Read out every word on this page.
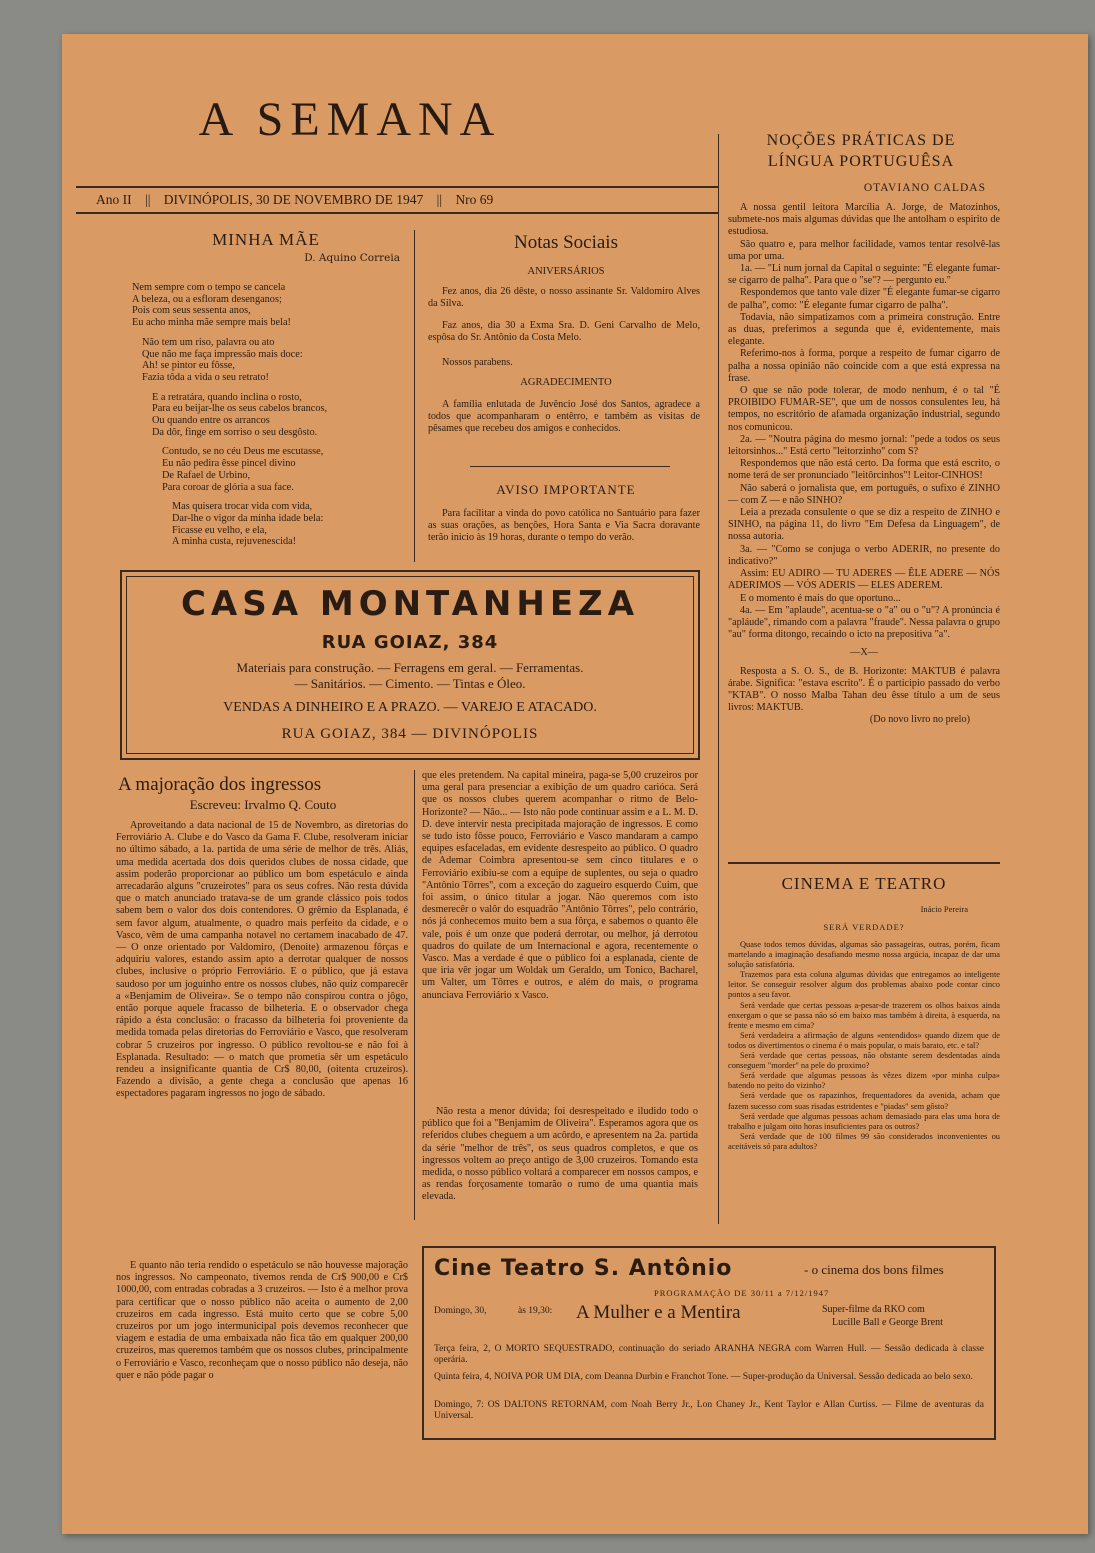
A SEMANA
Ano II || DIVINÓPOLIS, 30 DE NOVEMBRO DE 1947 || Nro 69
MINHA MÃE
D. Aquino Correia

Nem sempre com o tempo se cancela

A beleza, ou a esfloram desenganos;

Pois com seus sessenta anos,

Eu acho minha mãe sempre mais bela!

Não tem um riso, palavra ou ato

Que não me faça impressão mais doce:

Ah! se pintor eu fôsse,

Fazia tôda a vida o seu retrato!

E a retratára, quando inclina o rosto,

Para eu beijar-lhe os seus cabelos brancos,

Ou quando entre os arrancos

Da dôr, finge em sorriso o seu desgôsto.

Contudo, se no céu Deus me escutasse,

Eu não pedira êsse pincel divino

De Rafael de Urbino,

Para coroar de glória a sua face.

Mas quisera trocar vida com vida,

Dar-lhe o vigor da minha idade bela:

Ficasse eu velho, e ela,

A minha custa, rejuvenescida!

Notas Sociais
ANIVERSÁRIOS
Fez anos, dia 26 dêste, o nosso assinante Sr. Valdomiro Alves da Silva.
Faz anos, dia 30 a Exma Sra. D. Geni Carvalho de Melo, espôsa do Sr. Antônio da Costa Melo.
Nossos parabens.
AGRADECIMENTO
A família enlutada de Juvêncio José dos Santos, agradece a todos que acompanharam o entêrro, e também as visitas de pêsames que recebeu dos amigos e conhecidos.
AVISO IMPORTANTE
Para facilitar a vinda do povo católica no Santuário para fazer as suas orações, as benções, Hora Santa e Via Sacra doravante terão inicio às 19 horas, durante o tempo do verão.
CASA MONTANHEZA
RUA GOIAZ, 384
Materiais para construção. — Ferragens em geral. — Ferramentas.
— Sanitários. — Cimento. — Tintas e Óleo.
VENDAS A DINHEIRO E A PRAZO. — VAREJO E ATACADO.
RUA GOIAZ, 384 — DIVINÓPOLIS
A majoração dos ingressos
Escreveu: Irvalmo Q. Couto
Aproveitando a data nacional de 15 de Novembro, as diretorias do Ferroviário A. Clube e do Vasco da Gama F. Clube, resolveram iniciar no último sábado, a 1a. partida de uma série de melhor de três. Aliás, uma medida acertada dos dois queridos clubes de nossa cidade, que assim poderão proporcionar ao público um bom espetáculo e ainda arrecadarão alguns "cruzeirotes" para os seus cofres. Não resta dúvida que o match anunciado tratava-se de um grande clássico pois todos sabem bem o valor dos dois contendores. O grêmio da Esplanada, é sem favor algum, atualmente, o quadro mais perfeito da cidade, e o Vasco, vêm de uma campanha notavel no certamem inacabado de 47. — O onze orientado por Valdomiro, (Denoite) armazenou fôrças e adquiriu valores, estando assim apto a derrotar qualquer de nossos clubes, inclusive o próprio Ferroviário. E o público, que já estava saudoso por um joguinho entre os nossos clubes, não quiz comparecêr a «Benjamim de Oliveira». Se o tempo não conspirou contra o jôgo, então porque aquele fracasso de bilheteria. E o observador chega rápido a ésta conclusão: o fracasso da bilheteria foi proveniente da medida tomada pelas diretorias do Ferroviário e Vasco, que resolveram cobrar 5 cruzeiros por ingresso. O público revoltou-se e não foi à Esplanada. Resultado: — o match que prometia sêr um espetáculo rendeu a insignificante quantia de Cr$ 80,00, (oitenta cruzeiros). Fazendo a divisão, a gente chega a conclusão que apenas 16 espectadores pagaram ingressos no jogo de sábado.
E quanto não teria rendido o espetáculo se não houvesse majoração nos ingressos. No campeonato, tivemos renda de Cr$ 900,00 e Cr$ 1000,00, com entradas cobradas a 3 cruzeiros. — Isto é a melhor prova para certificar que o nosso público não aceita o aumento de 2,00 cruzeiros em cada ingresso. Está muito certo que se cobre 5,00 cruzeiros por um jogo intermunicipal pois devemos reconhecer que viagem e estadia de uma embaixada não fica tão em qualquer 200,00 cruzeiros, mas queremos também que os nossos clubes, principalmente o Ferroviário e Vasco, reconheçam que o nosso público não deseja, não quer e não póde pagar o
que eles pretendem. Na capital mineira, paga-se 5,00 cruzeiros por uma geral para presenciar a exibição de um quadro carióca. Será que os nossos clubes querem acompanhar o ritmo de Belo-Horizonte? — Não... — Isto não pode continuar assim e a L. M. D. D. deve intervir nesta precipitada majoração de ingressos. E como se tudo isto fôsse pouco, Ferroviário e Vasco mandaram a campo equipes esfaceladas, em evidente desrespeito ao público. O quadro de Ademar Coimbra apresentou-se sem cinco titulares e o Ferroviário exibiu-se com a equipe de suplentes, ou seja o quadro "Antônio Tôrres", com a exceção do zagueiro esquerdo Cuim, que foi assim, o único titular a jogar. Não queremos com isto desmerecêr o valôr do esquadrão "Antônio Tôrres", pelo contrário, nós já conhecemos muito bem a sua fôrça, e sabemos o quanto êle vale, pois é um onze que poderá derrotar, ou melhor, já derrotou quadros do quilate de um Internacional e agora, recentemente o Vasco. Mas a verdade é que o público foi a esplanada, ciente de que iria vêr jogar um Woldak um Geraldo, um Tonico, Bacharel, um Valter, um Tôrres e outros, e além do mais, o programa anunciava Ferroviário x Vasco.
Não resta a menor dúvida; foi desrespeitado e iludido todo o público que foi a "Benjamim de Oliveira". Esperamos agora que os referidos clubes cheguem a um acôrdo, e apresentem na 2a. partida da série "melhor de três", os seus quadros completos, e que os ingressos voltem ao preço antigo de 3,00 cruzeiros. Tomando esta medida, o nosso público voltará a comparecer em nossos campos, e as rendas forçosamente tomarão o rumo de uma quantia mais elevada.
NOÇÕES PRÁTICAS DE
LÍNGUA PORTUGUÊSA
OTAVIANO CALDAS

A nossa gentil leitora Marcília A. Jorge, de Matozinhos, submete-nos mais algumas dúvidas que lhe antolham o espirito de estudiosa.

São quatro e, para melhor facilidade, vamos tentar resolvê-las uma por uma.

1a. — "Li num jornal da Capital o seguinte: "É elegante fumar-se cigarro de palha". Para que o "se"? — pergunto eu."

Respondemos que tanto vale dizer "É elegante fumar-se cigarro de palha", como: "É elegante fumar cigarro de palha".

Todavia, não simpatizamos com a primeira construção. Entre as duas, preferimos a segunda que é, evidentemente, mais elegante.

Referimo-nos à forma, porque a respeito de fumar cigarro de palha a nossa opinião não coincide com a que está expressa na frase.

O que se não pode tolerar, de modo nenhum, é o tal "É PROIBIDO FUMAR-SE", que um de nossos consulentes leu, há tempos, no escritório de afamada organização industrial, segundo nos comunicou.

2a. — "Noutra página do mesmo jornal: "pede a todos os seus leitorsinhos..." Está certo "leitorzinho" com S?

Respondemos que não está certo. Da forma que está escrito, o nome terá de ser pronunciado "leitôrcinhos"! Leitor-CINHOS!

Não saberá o jornalista que, em português, o sufixo é ZINHO — com Z — e não SINHO?

Leia a prezada consulente o que se diz a respeito de ZINHO e SINHO, na página 11, do livro "Em Defesa da Linguagem", de nossa autoria.

3a. — "Como se conjuga o verbo ADERIR, no presente do indicativo?"

Assim: EU ADIRO — TU ADERES — ÊLE ADERE — NÓS ADERIMOS — VÓS ADERIS — ELES ADEREM.

E o momento é mais do que oportuno...

4a. — Em "aplaude", acentua-se o "a" ou o "u"? A pronúncia é "apláude", rimando com a palavra "fraude". Nessa palavra o grupo "au" forma ditongo, recaindo o icto na prepositiva "a".

—X—

Resposta a S. O. S., de B. Horizonte: MAKTUB é palavra árabe. Significa: "estava escrito". É o participio passado do verbo "KTAB". O nosso Malba Tahan deu êsse título a um de seus livros: MAKTUB.

(Do novo livro no prelo)

CINEMA E TEATRO
Inácio Pereira
SERÁ VERDADE?

Quase todos temos dúvidas, algumas são passageiras, outras, porém, ficam martelando a imaginação desafiando mesmo nossa argúcia, incapaz de dar uma solução satisfatória.

Trazemos para esta coluna algumas dúvidas que entregamos ao inteligente leitor. Se conseguir resolver algum dos problemas abaixo pode contar cinco pontos a seu favor.

Será verdade que certas pessoas a-pesar-de trazerem os olhos baixos ainda enxergam o que se passa não só em baixo mas também à direita, à esquerda, na frente e mesmo em cima?

Será verdadeira a afirmação de alguns «entendidos» quando dizem que de todos os divertimentos o cinema é o mais popular, o mais barato, etc. e tal?

Será verdade que certas pessoas, não obstante serem desdentadas ainda conseguem "morder" na pele do proximo?

Será verdade que algumas pessoas às vêzes dizem «por minha culpa» batendo no peito do vizinho?

Será verdade que os rapazinhos, frequentadores da avenida, acham que fazem sucesso com suas risadas estridentes e "piadas" sem gôsto?

Será verdade que algumas pessoas acham demasiado para elas uma hora de trabalho e julgam oito horas insuficientes para os outros?

Será verdade que de 100 filmes 99 são considerados inconvenientes ou aceitáveis só para adultos?

Cine Teatro S. Antônio	- o cinema dos bons filmes
PROGRAMAÇÃO DE 30/11 a 7/12/1947
Domingo, 30,	às 19,30: A Mulher e a Mentira	Super-filme da RKO com
Lucille Ball e George Brent
Terça feira, 2, O MORTO SEQUESTRADO, continuação do seriado ARANHA NEGRA com Warren Hull. — Sessão dedicada à classe operária.
Quinta feira, 4, NOIVA POR UM DIA, com Deanna Durbin e Franchot Tone. — Super-produção da Universal. Sessão dedicada ao belo sexo.
Domingo, 7: OS DALTONS RETORNAM, com Noah Berry Jr., Lon Chaney Jr., Kent Taylor e Allan Curtiss. — Filme de aventuras da Universal.
